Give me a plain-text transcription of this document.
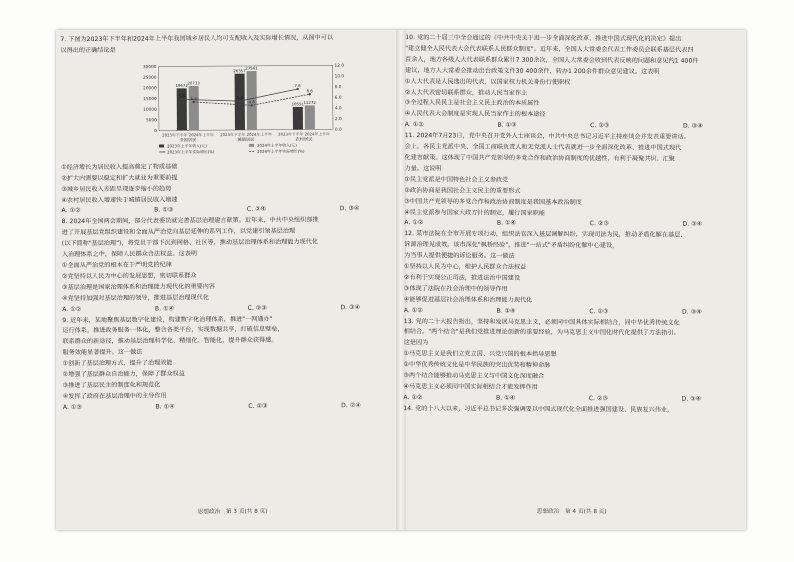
7. 下图为2023年下半年和2024年上半年我国城乡居民人均可支配收入及实际增长情况，从图中可以
以得出的正确结论是
30000
25000
20000
15000
10000
5000
0
12.0
10.0
8.0
6.0
4.0
2.0
0.0
19672 20733
2023年下半年 2024年上半年
全国居民
26357
27561
2023年下半年 2024年上半年
城镇居民
10551 11272
2023年下半年 2024年上半年
农村居民
5.8	5.4
7.6
5.3
4.6
6.6
2023年上半年收入(元)	2024年上半年收入(元)
2023年上半年实际增长(%)	2024年上半年实际增长(%)
①经济增长为居民收入提高奠定了物质基础
②扩大内需要以稳定和扩大就业为重要前提
③城乡居民收入差距呈现逐步缩小的趋势
④农村居民收入增速快于城镇居民收入增速
A. ①②	B. ①③	C. ②④	D. ③④
8. 2024年全国两会期间，部分代表委员就完善基层治理建言献策。近年来，中共中央组织部推
进了开展基层党组织建设和全面从严治党向基层延伸的系列工作，以党建引领基层治理
(以下简称"基层治理")，将党员干部下沉到网格、社区等，推动基层治理体系和治理能力现代化
入治理体系之中，保障人民群众合法权益。这表明
①全面从严治党的根本在于严明党的纪律
②党坚持以人民为中心的发展思想，密切联系群众
③基层治理是国家治理体系和治理能力现代化的重要内容
④党坚持加强对基层治理的领导，推进基层治理现代化
A. ①②	B. ①④	C. ②③	D. ③④
9. 近年来，某地聚焦基层数字化建设，构建数字化治理体系，推进"一网通办"
运行体系，推进政务服务一体化，整合各类平台，实现数据共享，打破信息壁垒，
联系群众的新途径，推动基层治理科学化、精细化、智能化，提升群众获得感。
服务效能显著提升。这一做法
①创新了基层治理方式，提升了治理效能
②增强了基层群众自治能力，保障了群众权益
③推进了基层民主的制度化和规范化
④发挥了政府在基层治理中的主导作用
A. ①③	B. ①④	C. ②③	D. ②④
思想政治　第 3 页(共 8 页)
10. 党的二十届三中全会通过的《中共中央关于进一步全面深化改革、推进中国式现代化的决定》提出
"建立健全人民代表大会代表联系人民群众制度"。近年来，全国人大常委会代表工作委员会联系基层代表四
百余人，地方各级人大代表联系群众累计7 300余次，全国人大常委会收到代表反映的问题和意见约1 400件
建议，地方人大常委会推动出台政策文件30 400余件，转办1 200余件群众意见建议。这表明
①人大代表是人民选出的代表，以国家权力机关身份行使职权
②人大代表密切联系群众，推动人民当家作主
③全过程人民民主是社会主义民主政治的本质属性
④人民代表大会制度是实现人民当家作主的根本途径
A. ①②	B. ①③	C. ②③	D. ③④
11. 2024年7月23日，党中央召开党外人士座谈会，中共中央总书记习近平主持座谈会并发表重要讲话。
会上，各民主党派中央、全国工商联负责人和无党派人士代表就进一步全面深化改革、推进中国式现代
化建言献策。这体现了中国共产党领导的多党合作和政治协商制度的优越性，有利于凝聚共识、汇聚
力量。这说明
①民主党派是中国特色社会主义参政党
②政治协商是我国社会主义民主的重要形式
③中国共产党领导的多党合作和政治协商制度是我国基本政治制度
④民主党派参与国家大政方针的制定，履行国家职能
A. ①②	B. ①④	C. ②③	D. ③④
12. 某市法院在全市开展专项行动，组织法官深入基层调解纠纷，实现司法为民，推动矛盾化解在基层、
诉源治理见成效。该市深化"枫桥经验"，推进"一站式"矛盾纠纷化解中心建设，
为当事人提供便捷的诉讼服务。这一做法
①坚持以人民为中心，维护人民群众合法权益
②有利于实现公正司法，推进法治中国建设
③体现了法院在社会治理中的领导作用
④能够促进基层社会治理体系和治理能力现代化
A. ①②	B. ①④	C. ②③	D. ③④
13. 党的二十大报告指出，坚持和发展马克思主义，必须同中国具体实际相结合，同中华优秀传统文化
相结合。"两个结合"是我们党推进理论创新的重要经验，为马克思主义中国化时代化提供了方法指引。
这是因为
①马克思主义是我们立党立国、兴党兴国的根本指导思想
②中华优秀传统文化是中华民族的突出优势和精神命脉
③两个结合能够推动马克思主义与中国文化深度融合
④马克思主义必须同中国实际相结合才能发挥作用
A. ①②	B. ①④	C. ②③	D. ③④
14. 党的十八大以来，习近平总书记多次强调要以中国式现代化全面推进强国建设、民族复兴伟业，
思想政治　第 4 页(共 8 页)
